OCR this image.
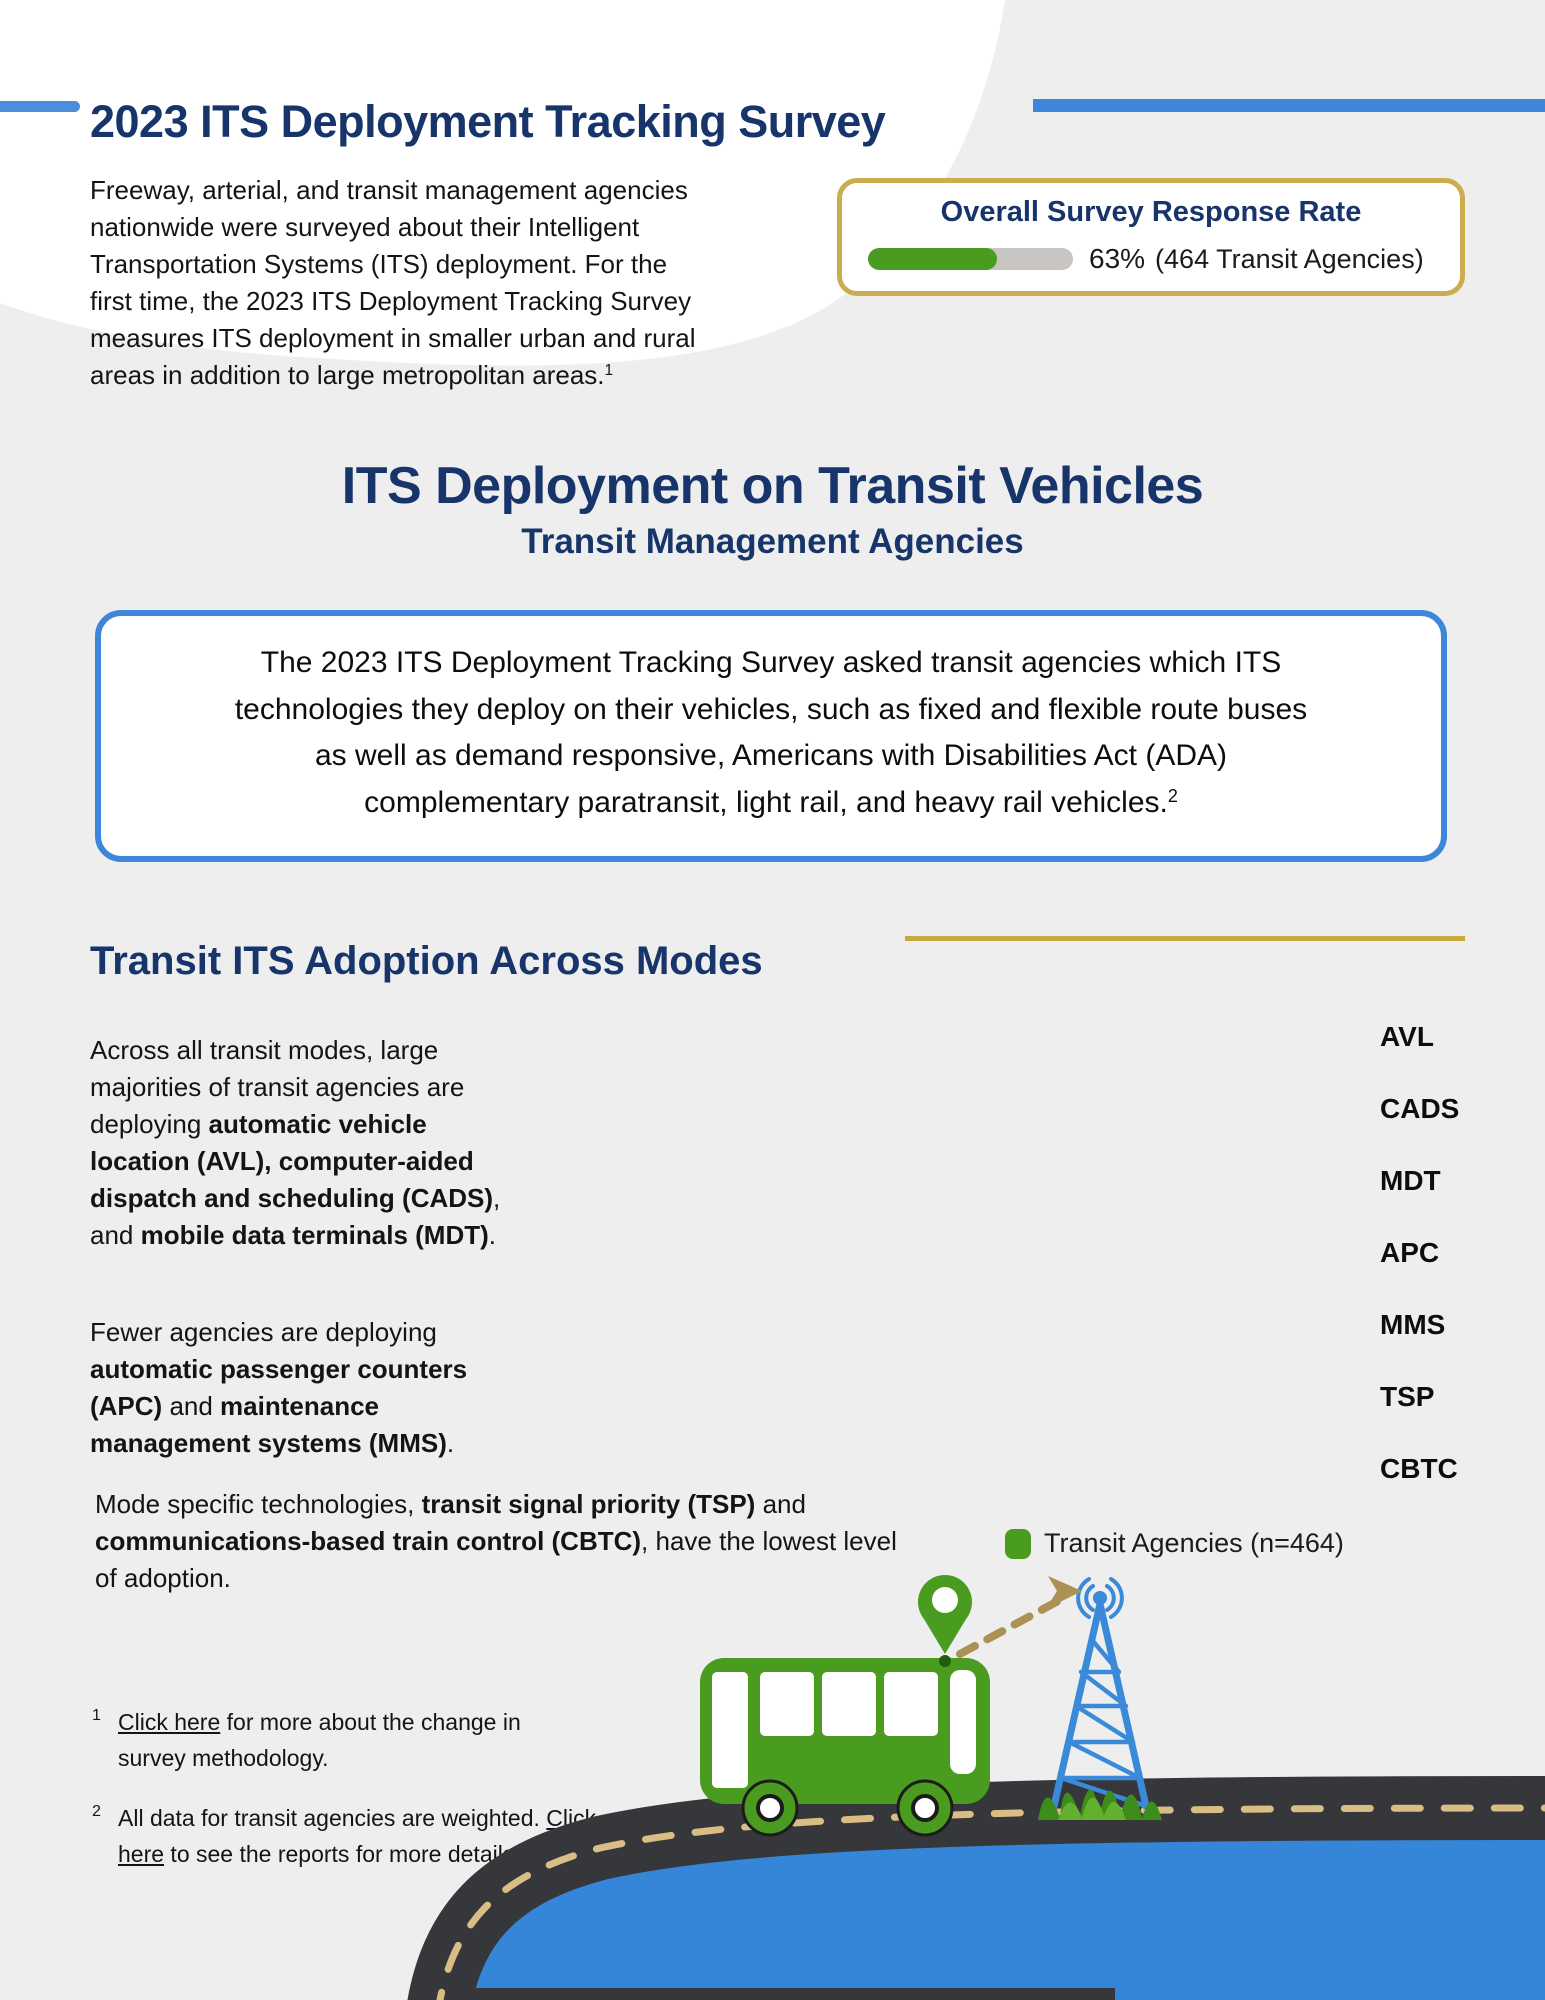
2023 ITS Deployment Tracking Survey

Freeway, arterial, and transit management agencies
nationwide were surveyed about their Intelligent
Transportation Systems (ITS) deployment. For the
first time, the 2023 ITS Deployment Tracking Survey
measures ITS deployment in smaller urban and rural
areas in addition to large metropolitan areas.$^1$

Overall Survey Response Rate
63% (464 Transit Agencies)
ITS Deployment on Transit Vehicles
Transit Management Agencies
The 2023 ITS Deployment Tracking Survey asked transit agencies which ITS
technologies they deploy on their vehicles, such as fixed and flexible route buses
as well as demand responsive, Americans with Disabilities Act (ADA)
complementary paratransit, light rail, and heavy rail vehicles.$^2$
Transit ITS Adoption Across Modes

Across all transit modes, large majorities of transit agencies are deploying automatic vehicle location (AVL), computer-aided dispatch and scheduling (CADS), and mobile data terminals (MDT).

Fewer agencies are deploying automatic passenger counters (APC) and maintenance management systems (MMS).

Mode specific technologies, transit signal priority (TSP) and communications-based train control (CBTC), have the lowest level of adoption.

AVL
CADS
MDT
APC
MMS
TSP
CBTC
Transit Agencies (n=464)

1 Click here for more about the change in survey methodology.

2 All data for transit agencies are weighted. Click here to see the reports for more details.
